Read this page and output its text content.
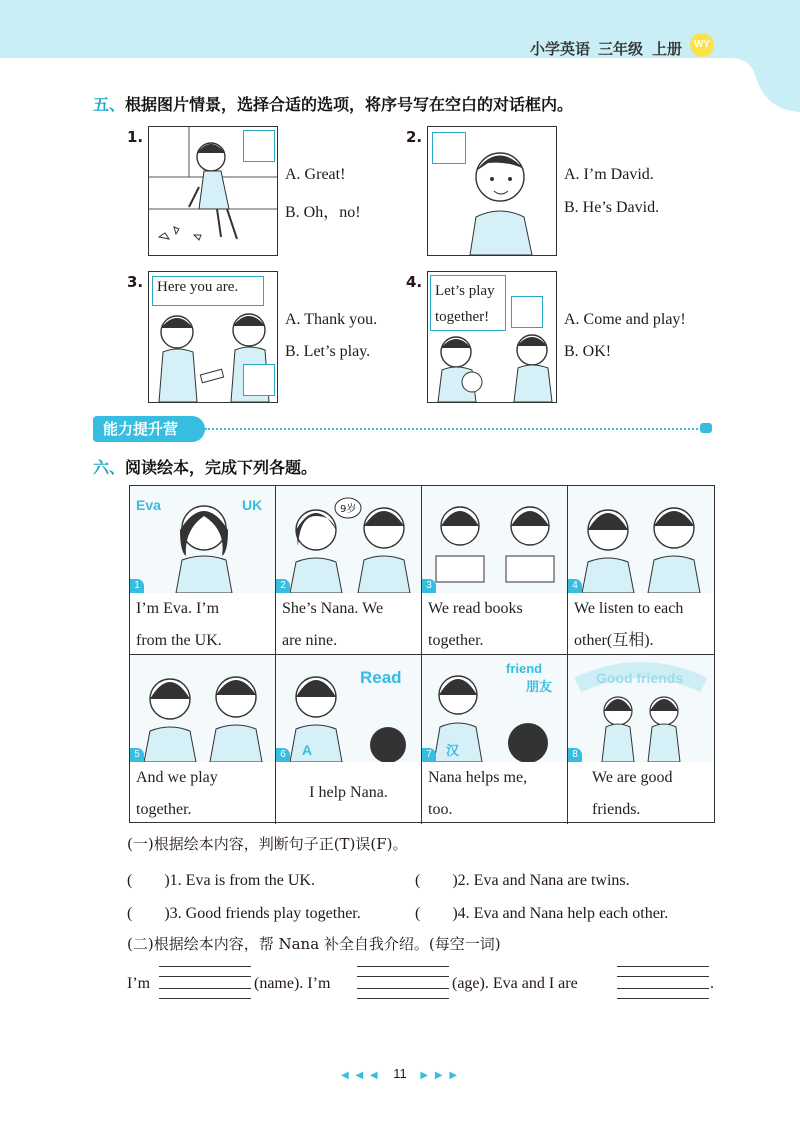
小学英语 三年级 上册	WY
五、根据图片情景，选择合适的选项，将序号写在空白的对话框内。
1.
A. Great!
B. Oh，no!
2.
A. I’m David.
B. He’s David.
3. Here you are.
A. Thank you.
B. Let’s play.
4. Let’s play
together!	A. Come and play!
B. OK!
能力提升营
六、阅读绘本，完成下列各题。
Eva	UK
1
I’m Eva. I’m
from the UK.
9岁
2
She’s Nana. We
are nine.
3
We read books
together.
4
We listen to each
other(互相).
5
And we play
together.
Read
A
6
I help Nana.
friend
朋友
汉
7
Nana helps me,
too.
Good friends
8
We are good
friends.
(一)根据绘本内容，判断句子正(T)误(F)。
(　　)1. Eva is from the UK.	(　　)2. Eva and Nana are twins.
(　　)3. Good friends play together.	(　　)4. Eva and Nana help each other.
(二)根据绘本内容，帮 Nana 补全自我介绍。(每空一词)
I’m	(name). I’m	(age). Eva and I are	.
◀ ◀ ◀ 11 ▶ ▶ ▶
